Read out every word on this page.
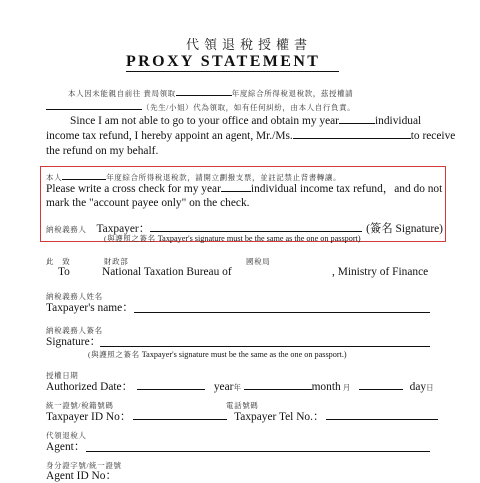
代領退稅授權書
PROXY STATEMENT
本人因未能親自前往 貴局領取	年度綜合所得稅退稅款，茲授權請
（先生/小姐）代為領取，如有任何糾紛，由本人自行負責。
Since I am not able to go to your office and obtain my year	individual
income tax refund, I hereby appoint an agent, Mr./Ms.	to receive
the refund on my behalf.
本人	年度綜合所得稅退稅款，請開立劃撥支票，並註記禁止背書轉讓。
Please write a cross check for my year	individual income tax refund，and do not
mark the "account payee only" on the check.
納稅義務人 Taxpayer：	(簽名 Signature)
(與護照之簽名 Taxpayer's signature must be the same as the one on passport)
此　致	財政部	國稅局
To	National Taxation Bureau of	, Ministry of Finance
納稅義務人姓名
Taxpayer's name：
納稅義務人簽名
Signature：
(與護照之簽名 Taxpayer's signature must be the same as the one on passport.)
授權日期
Authorized Date：	year年	month 月	day日
統一證號/稅籍號碼	電話號碼
Taxpayer ID No：	Taxpayer Tel No.：
代領退稅人
Agent：
身分證字號/統一證號
Agent ID No：
